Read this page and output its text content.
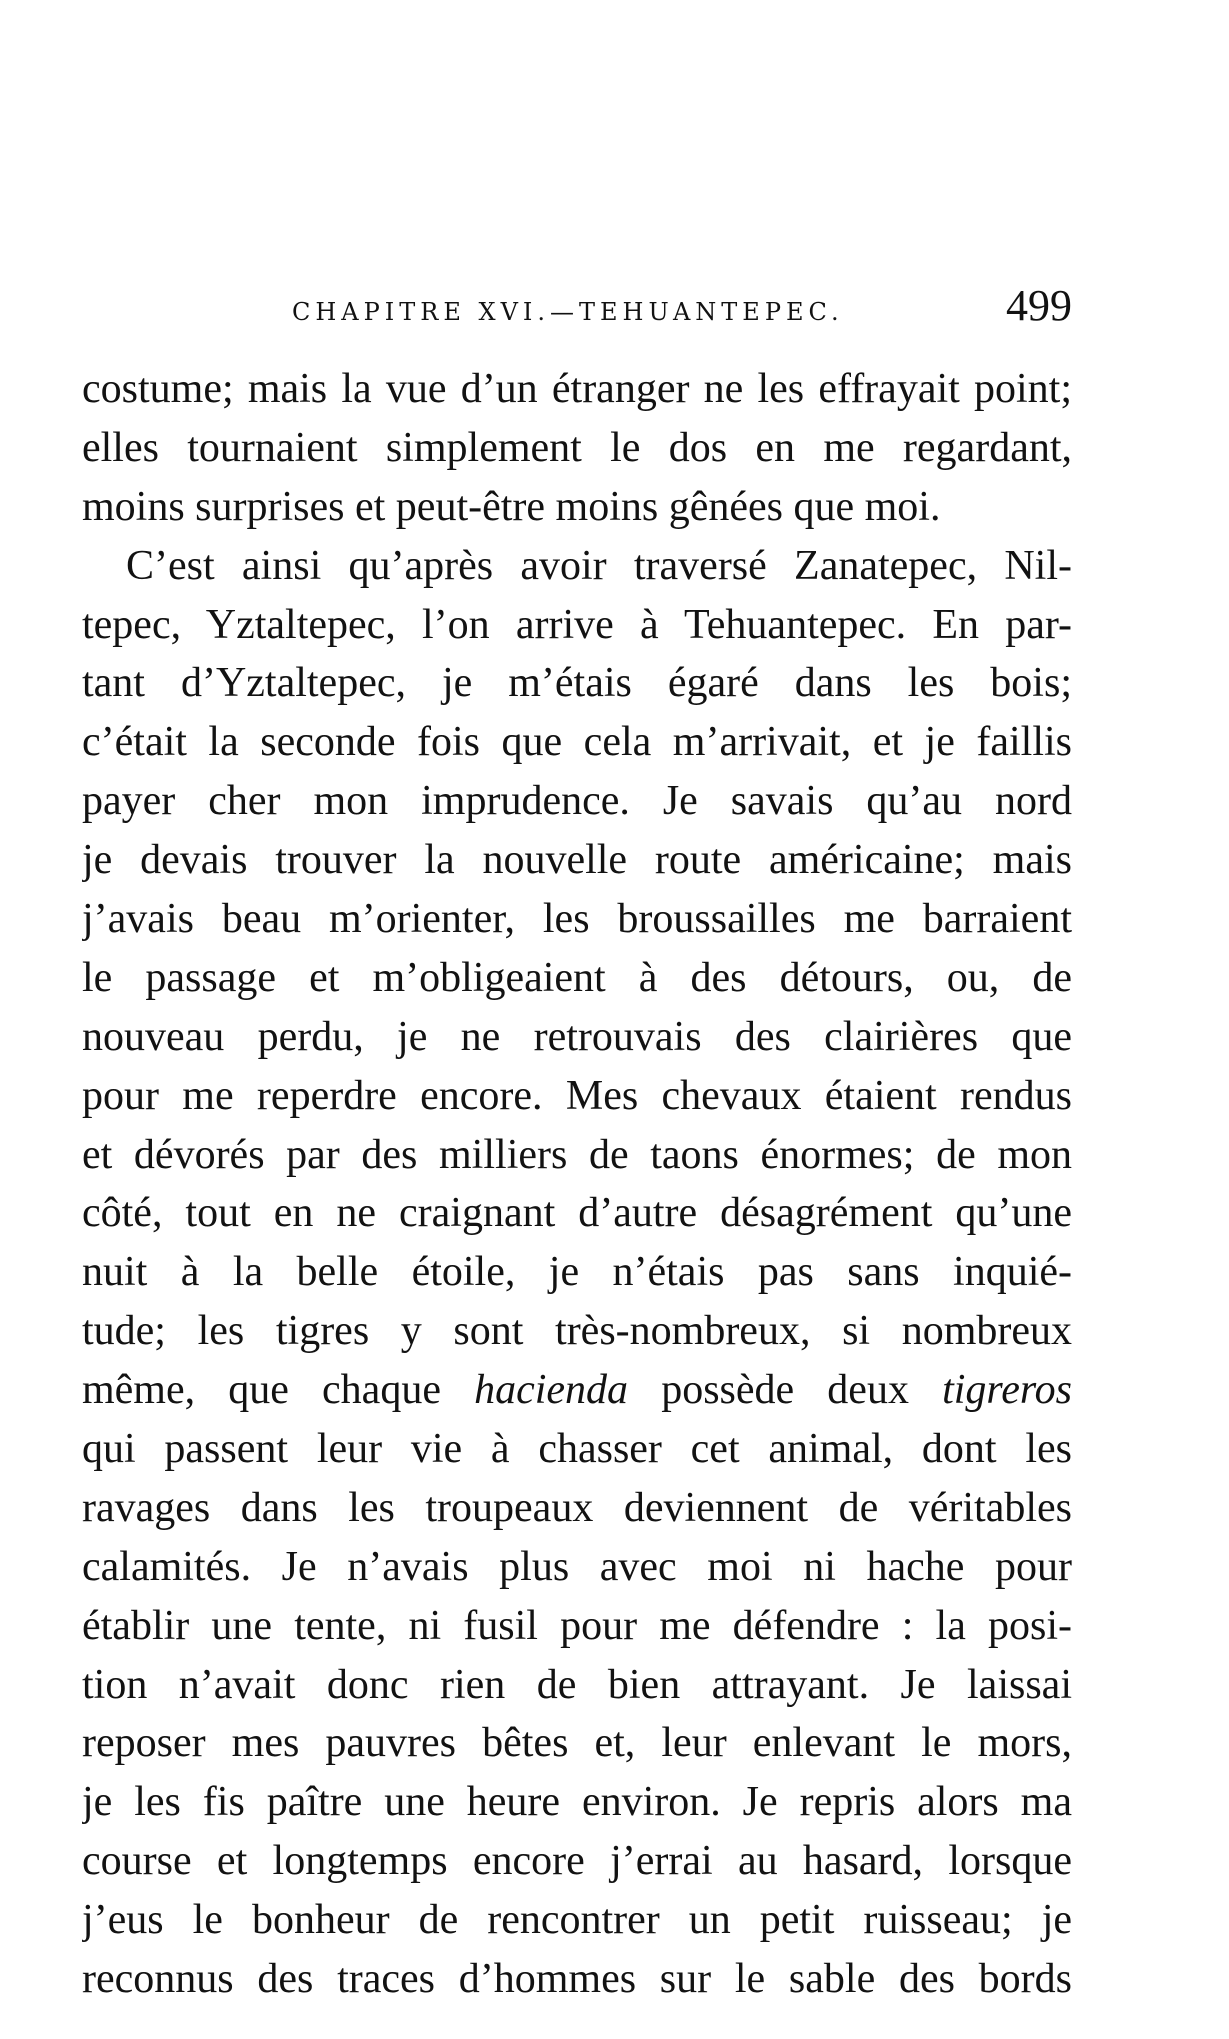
CHAPITRE XVI.—TEHUANTEPEC.	499
costume; mais la vue d’un étranger ne les effrayait point;
elles tournaient simplement le dos en me regardant,
moins surprises et peut-être moins gênées que moi.
C’est ainsi qu’après avoir traversé Zanatepec, Nil-
tepec, Yztaltepec, l’on arrive à Tehuantepec. En par-
tant d’Yztaltepec, je m’étais égaré dans les bois;
c’était la seconde fois que cela m’arrivait, et je faillis
payer cher mon imprudence. Je savais qu’au nord
je devais trouver la nouvelle route américaine; mais
j’avais beau m’orienter, les broussailles me barraient
le passage et m’obligeaient à des détours, ou, de
nouveau perdu, je ne retrouvais des clairières que
pour me reperdre encore. Mes chevaux étaient rendus
et dévorés par des milliers de taons énormes; de mon
côté, tout en ne craignant d’autre désagrément qu’une
nuit à la belle étoile, je n’étais pas sans inquié-
tude; les tigres y sont très-nombreux, si nombreux
même, que chaque hacienda possède deux tigreros
qui passent leur vie à chasser cet animal, dont les
ravages dans les troupeaux deviennent de véritables
calamités. Je n’avais plus avec moi ni hache pour
établir une tente, ni fusil pour me défendre : la posi-
tion n’avait donc rien de bien attrayant. Je laissai
reposer mes pauvres bêtes et, leur enlevant le mors,
je les fis paître une heure environ. Je repris alors ma
course et longtemps encore j’errai au hasard, lorsque
j’eus le bonheur de rencontrer un petit ruisseau; je
reconnus des traces d’hommes sur le sable des bords
